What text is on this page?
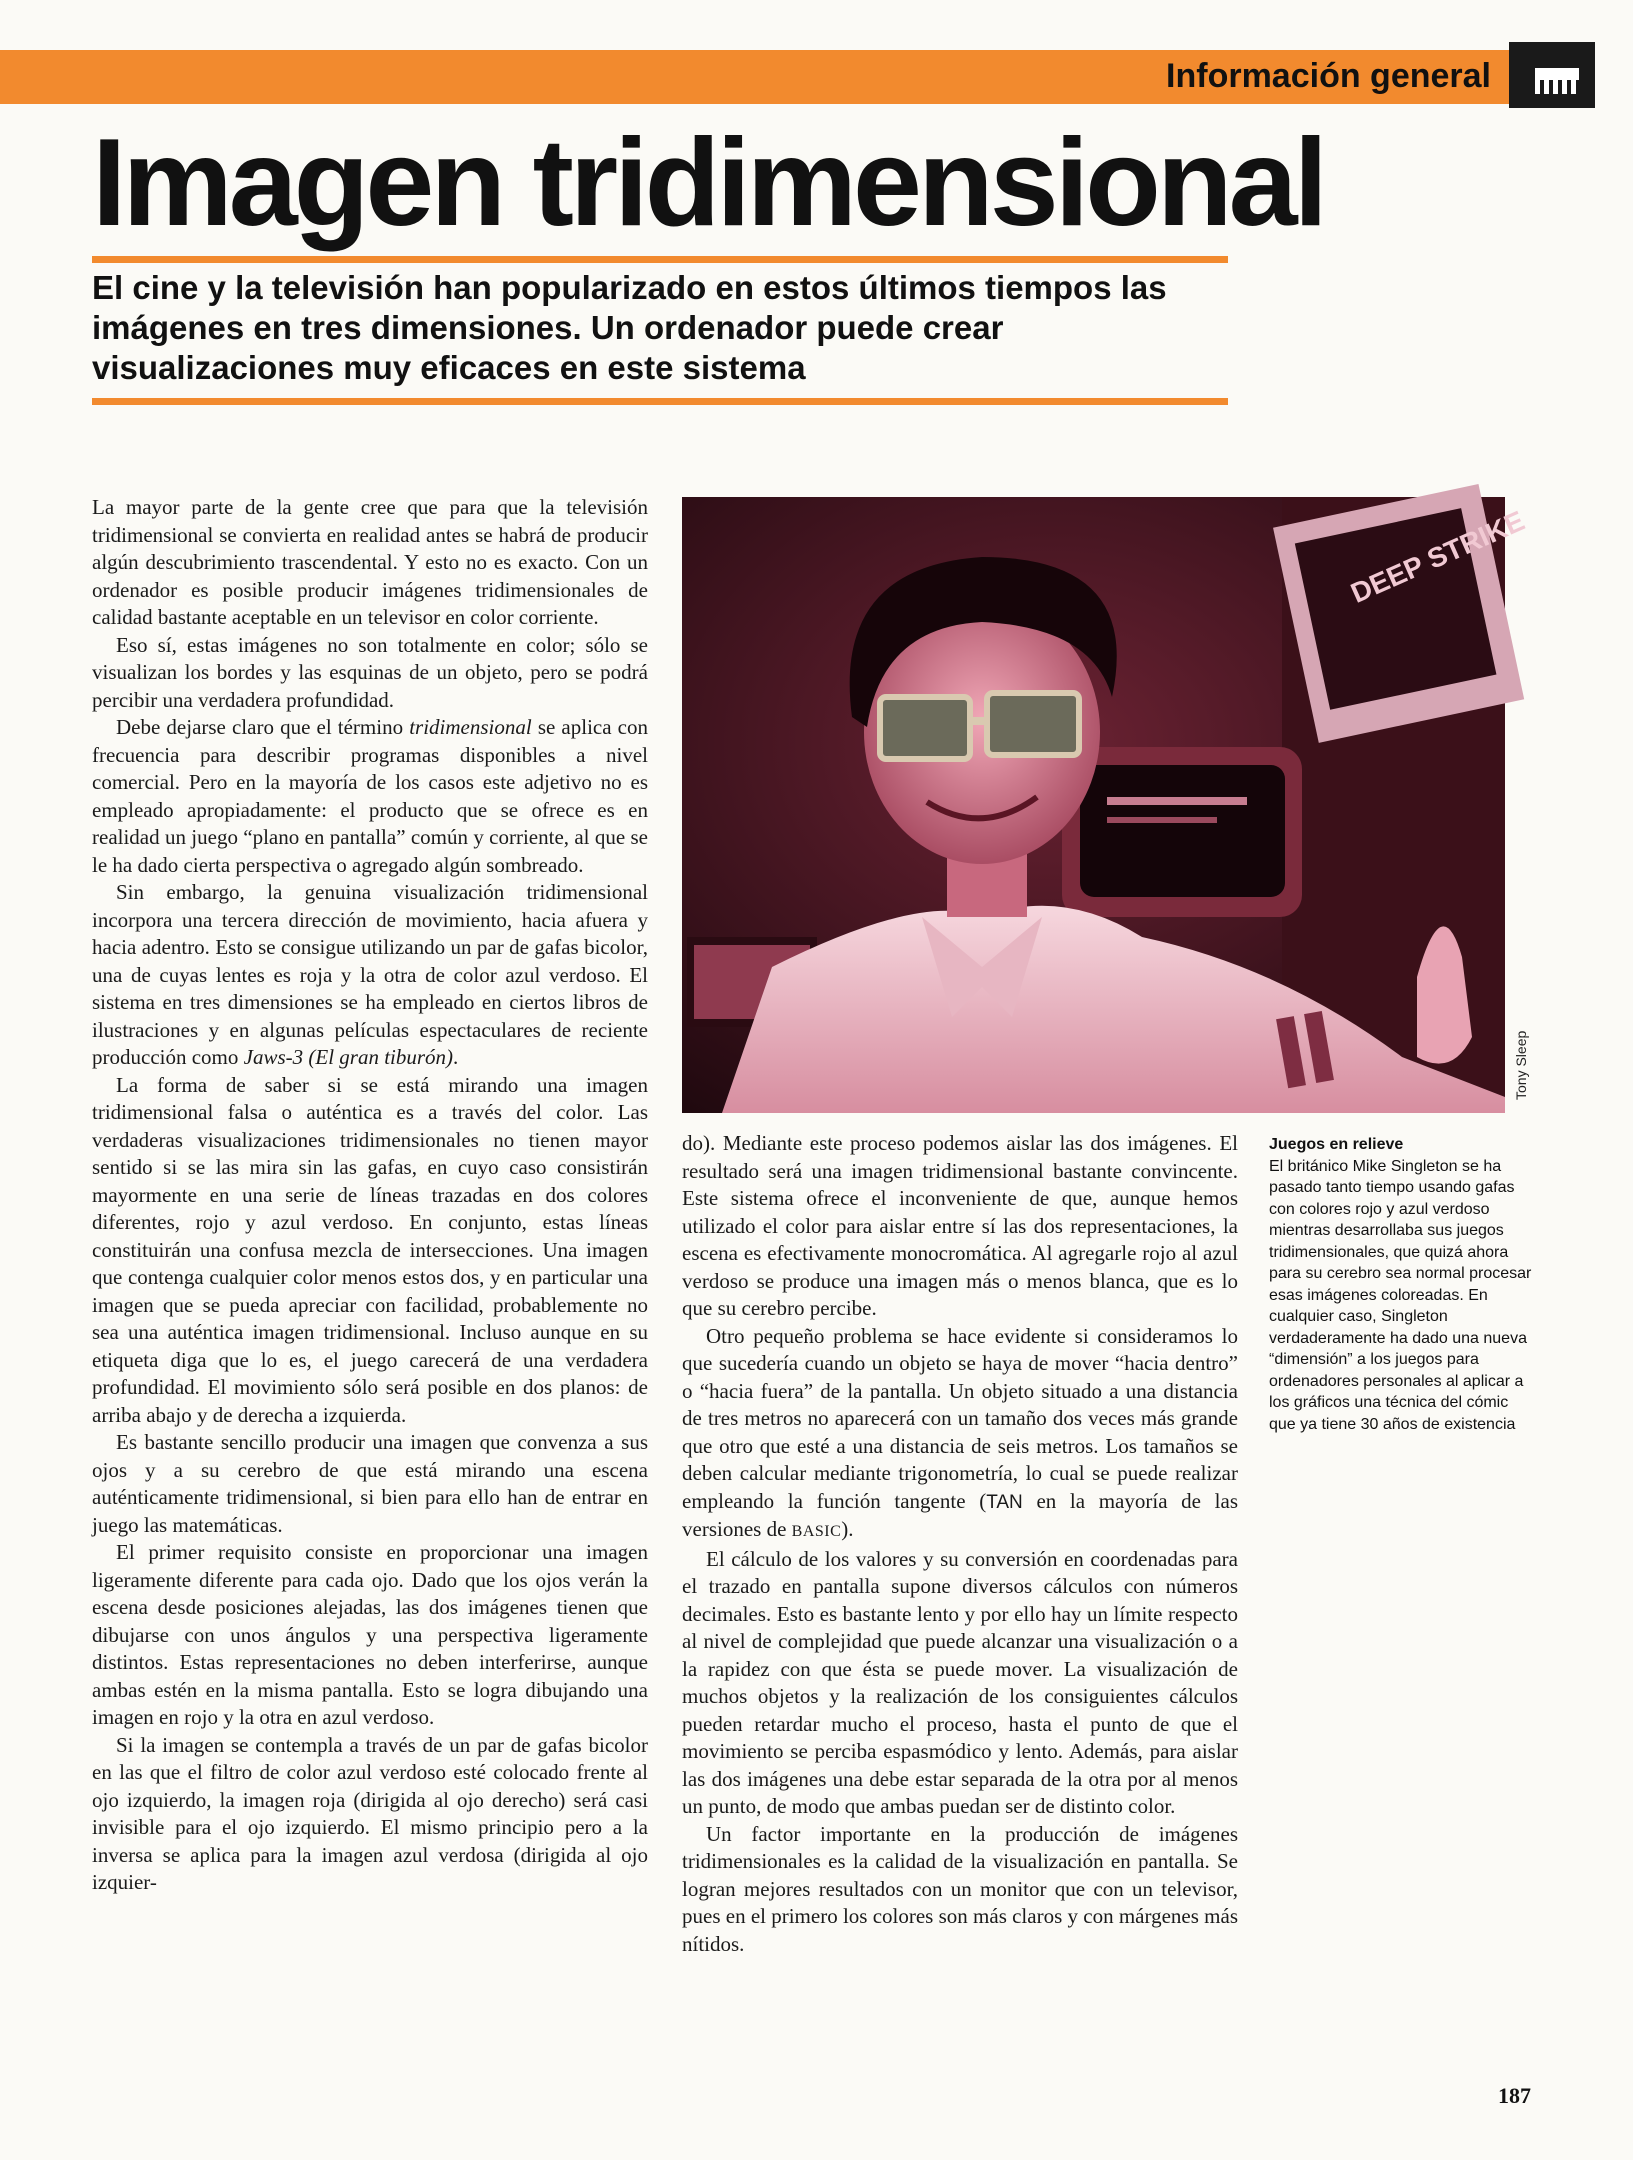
Información general
Imagen tridimensional

El cine y la televisión han popularizado en estos últimos tiempos las imágenes en tres dimensiones. Un ordenador puede crear visualizaciones muy eficaces en este sistema

La mayor parte de la gente cree que para que la televisión tridimensional se convierta en realidad antes se habrá de producir algún descubrimiento trascendental. Y esto no es exacto. Con un ordenador es posible producir imágenes tridimensionales de calidad bastante aceptable en un televisor en color corriente.

Eso sí, estas imágenes no son totalmente en color; sólo se visualizan los bordes y las esquinas de un objeto, pero se podrá percibir una verdadera profundidad.

Debe dejarse claro que el término tridimensional se aplica con frecuencia para describir programas disponibles a nivel comercial. Pero en la mayoría de los casos este adjetivo no es empleado apropiadamente: el producto que se ofrece es en realidad un juego “plano en pantalla” común y corriente, al que se le ha dado cierta perspectiva o agregado algún sombreado.

Sin embargo, la genuina visualización tridimensional incorpora una tercera dirección de movimiento, hacia afuera y hacia adentro. Esto se consigue utilizando un par de gafas bicolor, una de cuyas lentes es roja y la otra de color azul verdoso. El sistema en tres dimensiones se ha empleado en ciertos libros de ilustraciones y en algunas películas espectaculares de reciente producción como Jaws-3 (El gran tiburón).

La forma de saber si se está mirando una imagen tridimensional falsa o auténtica es a través del color. Las verdaderas visualizaciones tridimensionales no tienen mayor sentido si se las mira sin las gafas, en cuyo caso consistirán mayormente en una serie de líneas trazadas en dos colores diferentes, rojo y azul verdoso. En conjunto, estas líneas constituirán una confusa mezcla de intersecciones. Una imagen que contenga cualquier color menos estos dos, y en particular una imagen que se pueda apreciar con facilidad, probablemente no sea una auténtica imagen tridimensional. Incluso aunque en su etiqueta diga que lo es, el juego carecerá de una verdadera profundidad. El movimiento sólo será posible en dos planos: de arriba abajo y de derecha a izquierda.

Es bastante sencillo producir una imagen que convenza a sus ojos y a su cerebro de que está mirando una escena auténticamente tridimensional, si bien para ello han de entrar en juego las matemáticas.

El primer requisito consiste en proporcionar una imagen ligeramente diferente para cada ojo. Dado que los ojos verán la escena desde posiciones alejadas, las dos imágenes tienen que dibujarse con unos ángulos y una perspectiva ligeramente distintos. Estas representaciones no deben interferirse, aunque ambas estén en la misma pantalla. Esto se logra dibujando una imagen en rojo y la otra en azul verdoso.

Si la imagen se contempla a través de un par de gafas bicolor en las que el filtro de color azul verdoso esté colocado frente al ojo izquierdo, la imagen roja (dirigida al ojo derecho) será casi invisible para el ojo izquierdo. El mismo principio pero a la inversa se aplica para la imagen azul verdosa (dirigida al ojo izquier-

DEEP STRIKE
Tony Sleep
Juegos en relieve
El británico Mike Singleton se ha pasado tanto tiempo usando gafas con colores rojo y azul verdoso mientras desarrollaba sus juegos tridimensionales, que quizá ahora para su cerebro sea normal procesar esas imágenes coloreadas. En cualquier caso, Singleton verdaderamente ha dado una nueva “dimensión” a los juegos para ordenadores personales al aplicar a los gráficos una técnica del cómic que ya tiene 30 años de existencia

do). Mediante este proceso podemos aislar las dos imágenes. El resultado será una imagen tridimensional bastante convincente. Este sistema ofrece el inconveniente de que, aunque hemos utilizado el color para aislar entre sí las dos representaciones, la escena es efectivamente monocromática. Al agregarle rojo al azul verdoso se produce una imagen más o menos blanca, que es lo que su cerebro percibe.

Otro pequeño problema se hace evidente si consideramos lo que sucedería cuando un objeto se haya de mover “hacia dentro” o “hacia fuera” de la pantalla. Un objeto situado a una distancia de tres metros no aparecerá con un tamaño dos veces más grande que otro que esté a una distancia de seis metros. Los tamaños se deben calcular mediante trigonometría, lo cual se puede realizar empleando la función tangente (TAN en la mayoría de las versiones de BASIC).

El cálculo de los valores y su conversión en coordenadas para el trazado en pantalla supone diversos cálculos con números decimales. Esto es bastante lento y por ello hay un límite respecto al nivel de complejidad que puede alcanzar una visualización o a la rapidez con que ésta se puede mover. La visualización de muchos objetos y la realización de los consiguientes cálculos pueden retardar mucho el proceso, hasta el punto de que el movimiento se perciba espasmódico y lento. Además, para aislar las dos imágenes una debe estar separada de la otra por al menos un punto, de modo que ambas puedan ser de distinto color.

Un factor importante en la producción de imágenes tridimensionales es la calidad de la visualización en pantalla. Se logran mejores resultados con un monitor que con un televisor, pues en el primero los colores son más claros y con márgenes más nítidos.

187
